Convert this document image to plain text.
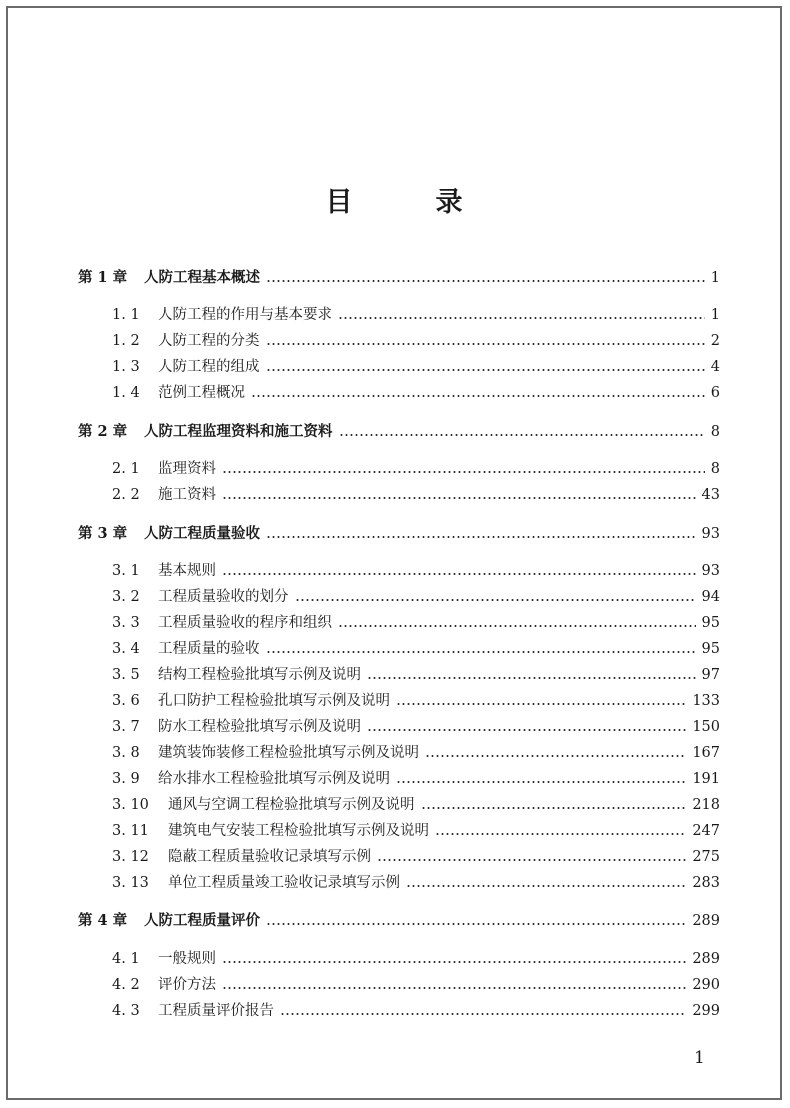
目　录
第 1 章	人防工程基本概述	1
1. 1	人防工程的作用与基本要求	1
1. 2	人防工程的分类	2
1. 3	人防工程的组成	4
1. 4	范例工程概况	6
第 2 章	人防工程监理资料和施工资料	8
2. 1	监理资料	8
2. 2	施工资料	43
第 3 章	人防工程质量验收	93
3. 1	基本规则	93
3. 2	工程质量验收的划分	94
3. 3	工程质量验收的程序和组织	95
3. 4	工程质量的验收	95
3. 5	结构工程检验批填写示例及说明	97
3. 6	孔口防护工程检验批填写示例及说明	133
3. 7	防水工程检验批填写示例及说明	150
3. 8	建筑装饰装修工程检验批填写示例及说明	167
3. 9	给水排水工程检验批填写示例及说明	191
3. 10	通风与空调工程检验批填写示例及说明	218
3. 11	建筑电气安装工程检验批填写示例及说明	247
3. 12	隐蔽工程质量验收记录填写示例	275
3. 13	单位工程质量竣工验收记录填写示例	283
第 4 章	人防工程质量评价	289
4. 1	一般规则	289
4. 2	评价方法	290
4. 3	工程质量评价报告	299
1
